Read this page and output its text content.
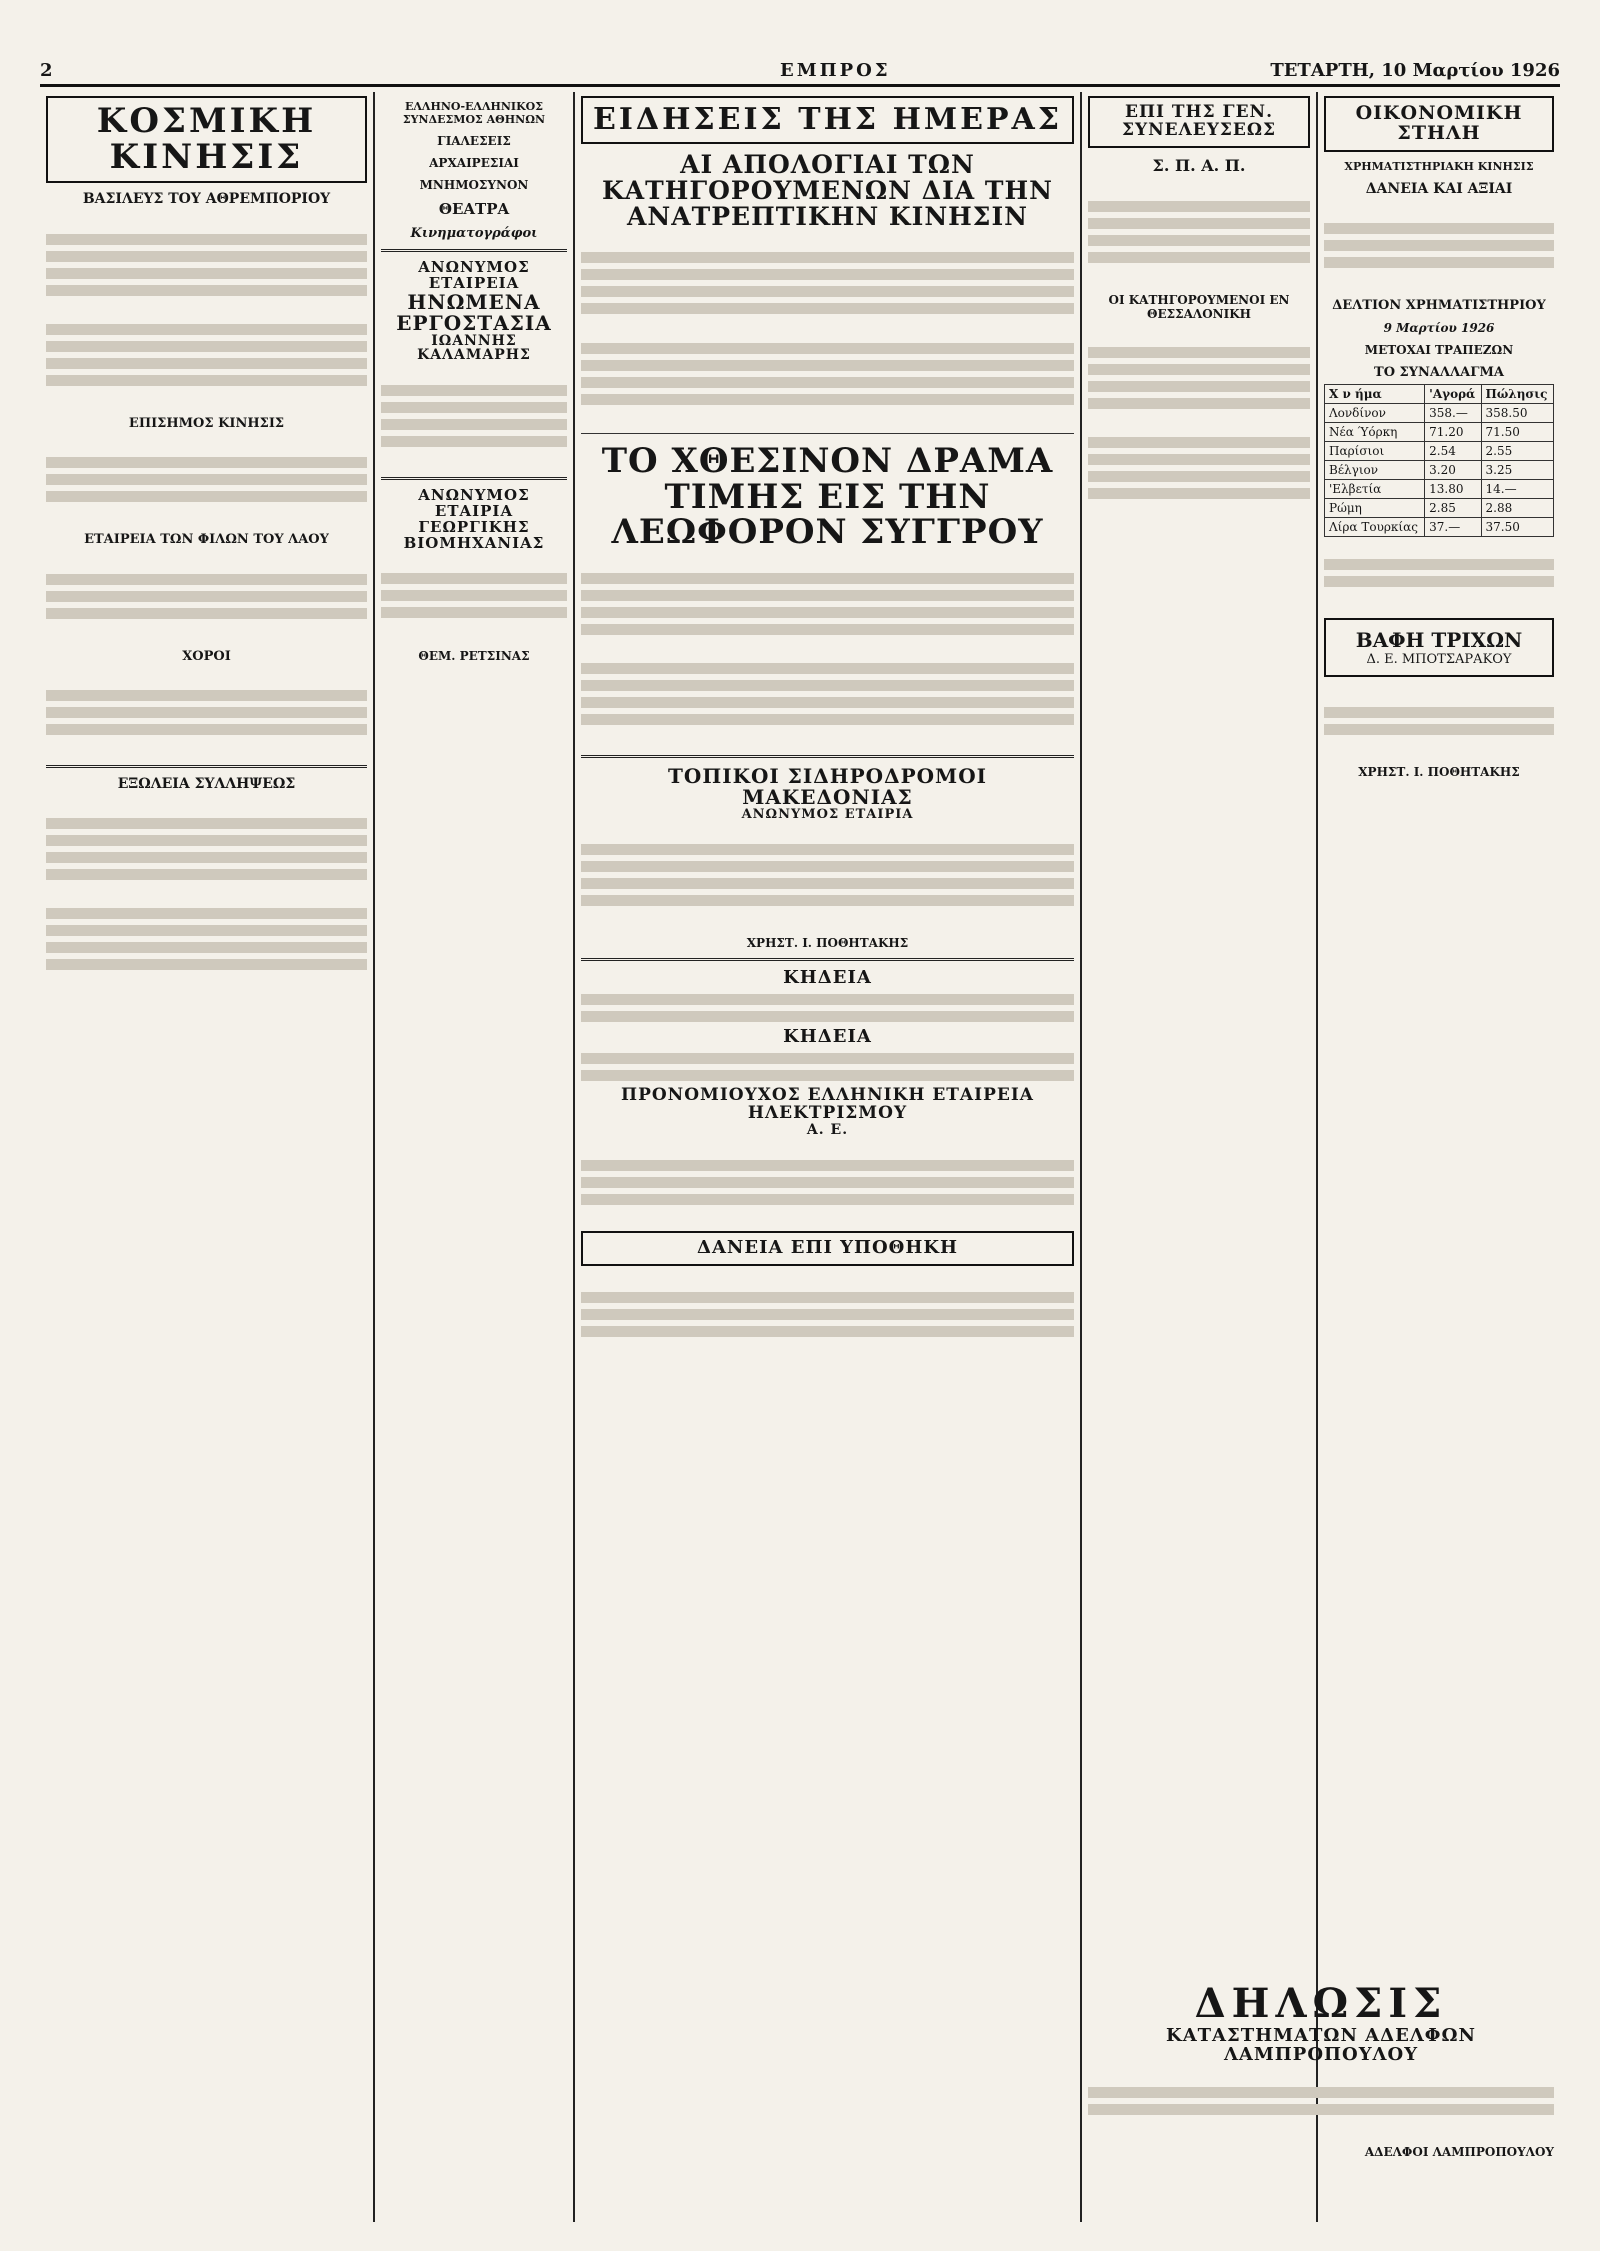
2	ΕΜΠΡΟΣ	ΤΕΤΑΡΤΗ, 10 Μαρτίου 1926
ΚΟΣΜΙΚΗ ΚΙΝΗΣΙΣ
ΒΑΣΙΛΕΥΣ ΤΟΥ ΑΘΡΕΜΠΟΡΙΟΥ

ΕΠΙΣΗΜΟΣ ΚΙΝΗΣΙΣ

ΕΤΑΙΡΕΙΑ ΤΩΝ ΦΙΛΩΝ ΤΟΥ ΛΑΟΥ

ΧΟΡΟΙ

ΕΞΩΛΕΙΑ ΣΥΛΛΗΨΕΩΣ

ΕΛΛΗΝΟ-ΕΛΛΗΝΙΚΟΣ ΣΥΝΔΕΣΜΟΣ ΑΘΗΝΩΝ
ΓΙΑΛΕΣΕΙΣ
ΑΡΧΑΙΡΕΣΙΑΙ
ΜΝΗΜΟΣΥΝΟΝ
ΘΕΑΤΡΑ
Κινηματογράφοι
ΑΝΩΝΥΜΟΣ ΕΤΑΙΡΕΙΑ
ΗΝΩΜΕΝΑ ΕΡΓΟΣΤΑΣΙΑ
ΙΩΑΝΝΗΣ ΚΑΛΑΜΑΡΗΣ

ΑΝΩΝΥΜΟΣ ΕΤΑΙΡΙΑ ΓΕΩΡΓΙΚΗΣ ΒΙΟΜΗΧΑΝΙΑΣ

ΘΕΜ. ΡΕΤΣΙΝΑΣ
ΕΙΔΗΣΕΙΣ ΤΗΣ ΗΜΕΡΑΣ
ΑΙ ΑΠΟΛΟΓΙΑΙ ΤΩΝ ΚΑΤΗΓΟΡΟΥΜΕΝΩΝ ΔΙΑ ΤΗΝ ΑΝΑΤΡΕΠΤΙΚΗΝ ΚΙΝΗΣΙΝ

ΤΟ ΧΘΕΣΙΝΟΝ ΔΡΑΜΑ ΤΙΜΗΣ ΕΙΣ ΤΗΝ ΛΕΩΦΟΡΟΝ ΣΥΓΓΡΟΥ

ΤΟΠΙΚΟΙ ΣΙΔΗΡΟΔΡΟΜΟΙ ΜΑΚΕΔΟΝΙΑΣ
ΑΝΩΝΥΜΟΣ ΕΤΑΙΡΙΑ

ΧΡΗΣΤ. Ι. ΠΟΘΗΤΑΚΗΣ
ΚΗΔΕΙΑ
ΚΗΔΕΙΑ
ΠΡΟΝΟΜΙΟΥΧΟΣ ΕΛΛΗΝΙΚΗ ΕΤΑΙΡΕΙΑ ΗΛΕΚΤΡΙΣΜΟΥ
Α. Ε.

ΔΑΝΕΙΑ ΕΠΙ ΥΠΟΘΗΚΗ

ΕΠΙ ΤΗΣ ΓΕΝ. ΣΥΝΕΛΕΥΣΕΩΣ
Σ. Π. Α. Π.

ΟΙ ΚΑΤΗΓΟΡΟΥΜΕΝΟΙ ΕΝ ΘΕΣΣΑΛΟΝΙΚΗ

ΟΙΚΟΝΟΜΙΚΗ ΣΤΗΛΗ
ΧΡΗΜΑΤΙΣΤΗΡΙΑΚΗ ΚΙΝΗΣΙΣ
ΔΑΝΕΙΑ ΚΑΙ ΑΞΙΑΙ

ΔΕΛΤΙΟΝ ΧΡΗΜΑΤΙΣΤΗΡΙΟΥ
9 Μαρτίου 1926
ΜΕΤΟΧΑΙ ΤΡΑΠΕΖΩΝ
ΤΟ ΣΥΝΑΛΛΑΓΜΑ
Χ ν ήμα	'Αγορά	Πώλησις
Λονδίνον	358.—	358.50
Νέα Ύόρκη	71.20	71.50
Παρίσιοι	2.54	2.55
Βέλγιον	3.20	3.25
'Ελβετία	13.80	14.—
Ρώμη	2.85	2.88
Λίρα Τουρκίας	37.—	37.50

ΒΑΦΗ ΤΡΙΧΩΝ
Δ. Ε. ΜΠΟΤΣΑΡΑΚΟΥ

ΧΡΗΣΤ. Ι. ΠΟΘΗΤΑΚΗΣ
ΔΗΛΩΣΙΣ
ΚΑΤΑΣΤΗΜΑΤΩΝ ΑΔΕΛΦΩΝ ΛΑΜΠΡΟΠΟΥΛΟΥ

ΑΔΕΛΦΟΙ ΛΑΜΠΡΟΠΟΥΛΟΥ
